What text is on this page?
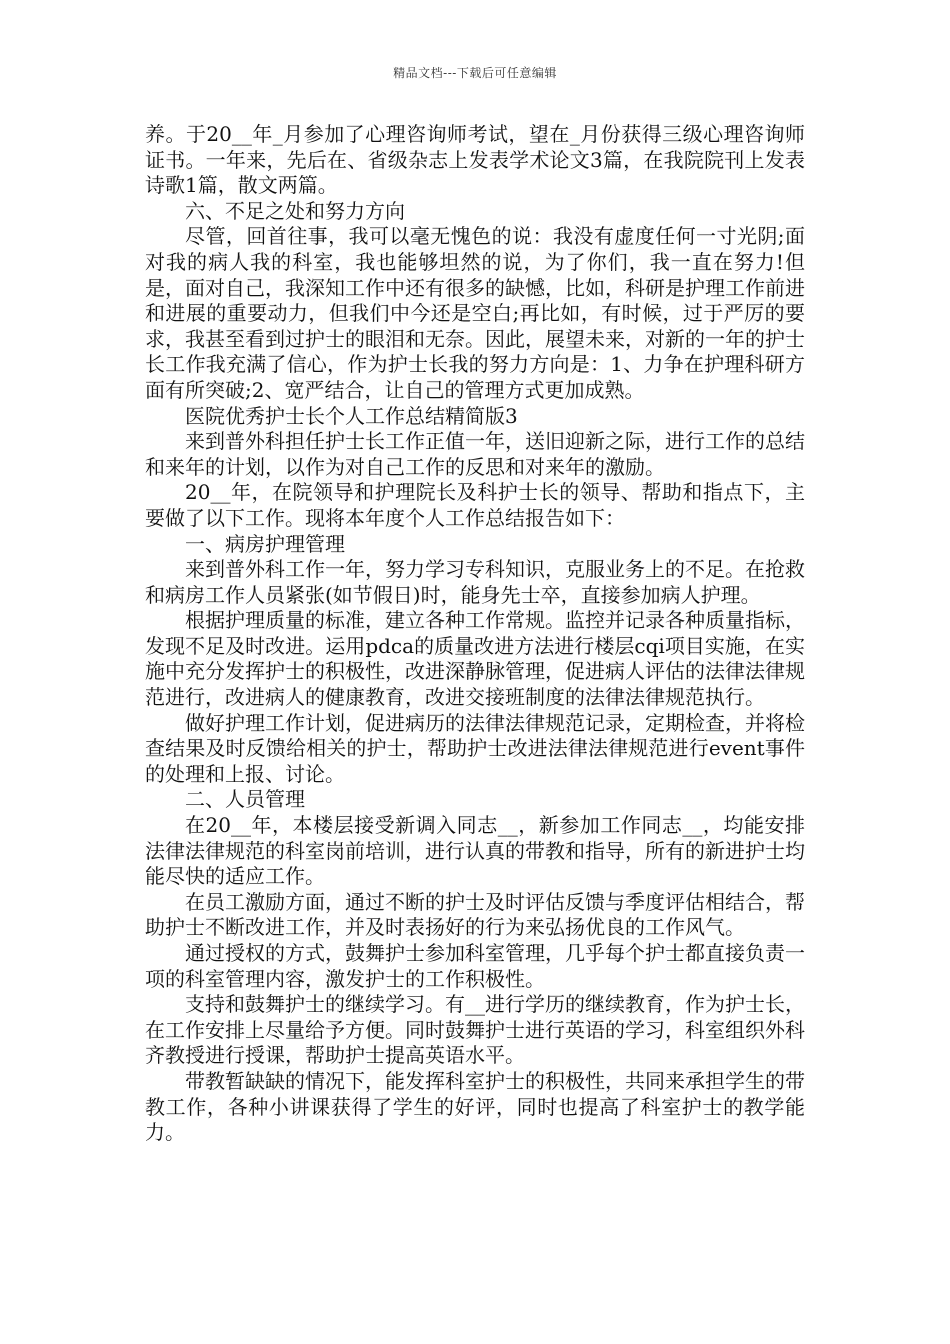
精品文档---下载后可任意编辑

养。于20__年_月参加了心理咨询师考试，望在_月份获得三级心理咨询师证书。一年来，先后在、省级杂志上发表学术论文3篇，在我院院刊上发表诗歌1篇，散文两篇。

六、不足之处和努力方向

尽管，回首往事，我可以毫无愧色的说：我没有虚度任何一寸光阴;面对我的病人我的科室，我也能够坦然的说，为了你们，我一直在努力!但是，面对自己，我深知工作中还有很多的缺憾，比如，科研是护理工作前进和进展的重要动力，但我们中今还是空白;再比如，有时候，过于严厉的要求，我甚至看到过护士的眼泪和无奈。因此，展望未来，对新的一年的护士长工作我充满了信心，作为护士长我的努力方向是：1、力争在护理科研方面有所突破;2、宽严结合，让自己的管理方式更加成熟。

医院优秀护士长个人工作总结精简版3

来到普外科担任护士长工作正值一年，送旧迎新之际，进行工作的总结和来年的计划，以作为对自己工作的反思和对来年的激励。

20__年，在院领导和护理院长及科护士长的领导、帮助和指点下，主要做了以下工作。现将本年度个人工作总结报告如下：

一、病房护理管理

来到普外科工作一年，努力学习专科知识，克服业务上的不足。在抢救和病房工作人员紧张(如节假日)时，能身先士卒，直接参加病人护理。

根据护理质量的标准，建立各种工作常规。监控并记录各种质量指标，发现不足及时改进。运用pdca的质量改进方法进行楼层cqi项目实施，在实施中充分发挥护士的积极性，改进深静脉管理，促进病人评估的法律法律规范进行，改进病人的健康教育，改进交接班制度的法律法律规范执行。

做好护理工作计划，促进病历的法律法律规范记录，定期检查，并将检查结果及时反馈给相关的护士，帮助护士改进法律法律规范进行event事件的处理和上报、讨论。

二、人员管理

在20__年，本楼层接受新调入同志__，新参加工作同志__，均能安排法律法律规范的科室岗前培训，进行认真的带教和指导，所有的新进护士均能尽快的适应工作。

在员工激励方面，通过不断的护士及时评估反馈与季度评估相结合，帮助护士不断改进工作，并及时表扬好的行为来弘扬优良的工作风气。

通过授权的方式，鼓舞护士参加科室管理，几乎每个护士都直接负责一项的科室管理内容，激发护士的工作积极性。

支持和鼓舞护士的继续学习。有__进行学历的继续教育，作为护士长，在工作安排上尽量给予方便。同时鼓舞护士进行英语的学习，科室组织外科齐教授进行授课，帮助护士提高英语水平。

带教暂缺缺的情况下，能发挥科室护士的积极性，共同来承担学生的带教工作，各种小讲课获得了学生的好评，同时也提高了科室护士的教学能力。
